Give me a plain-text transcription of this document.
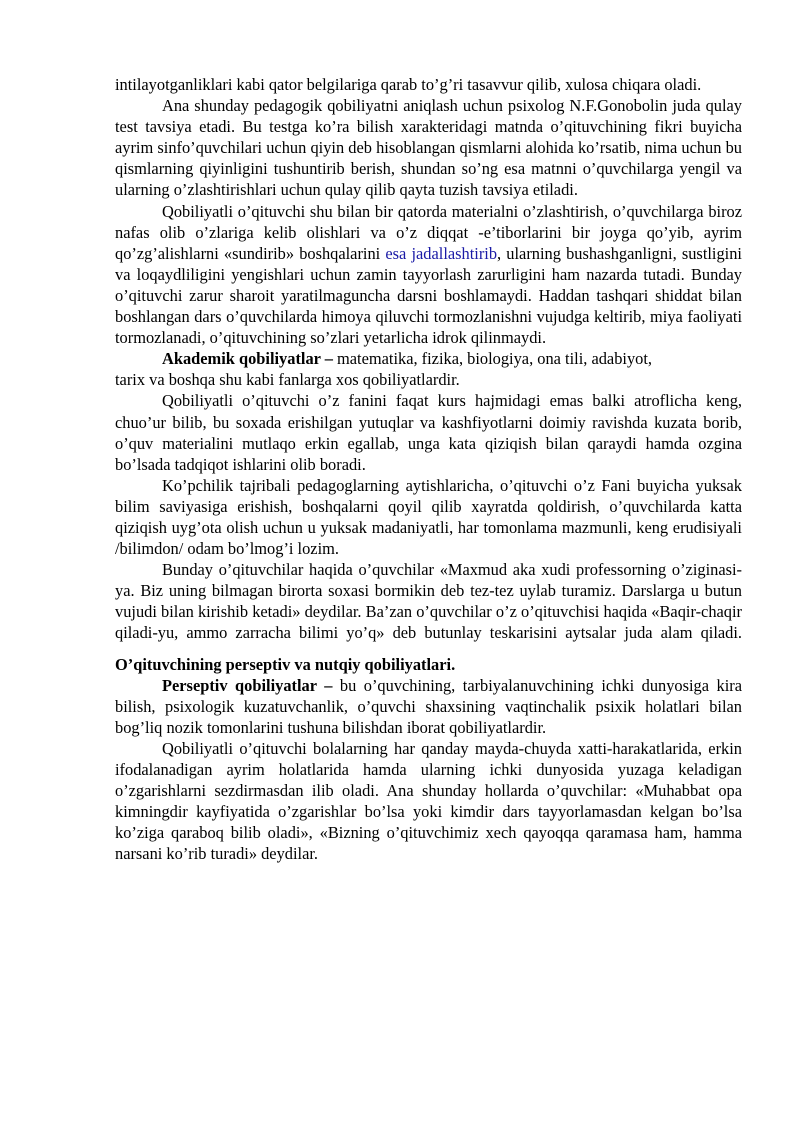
intilayotganliklari kabi qator belgilariga qarab to’g’ri tasavvur qilib, xulosa chiqara oladi.

Ana shunday pedagogik qobiliyatni aniqlash uchun psixolog N.F.Gonobolin juda qulay test tavsiya etadi. Bu testga ko’ra bilish xarakteridagi matnda o’qituvchining fikri buyicha ayrim sinfo’quvchilari uchun qiyin deb hisoblangan qismlarni alohida ko’rsatib, nima uchun bu qismlarning qiyinligini tushuntirib berish, shundan so’ng esa matnni o’quvchilarga yengil va ularning o’zlashtirishlari uchun qulay qilib qayta tuzish tavsiya etiladi.

Qobiliyatli o’qituvchi shu bilan bir qatorda materialni o’zlashtirish, o’quvchilarga biroz nafas olib o’zlariga kelib olishlari va o’z diqqat -e’tiborlarini bir joyga qo’yib, ayrim qo’zg’alishlarni «sundirib» boshqalarini esa jadallashtirib, ularning bushashganligni, sustligini va loqaydliligini yengishlari uchun zamin tayyorlash zarurligini ham nazarda tutadi. Bunday o’qituvchi zarur sharoit yaratilmaguncha darsni boshlamaydi. Haddan tashqari shiddat bilan boshlangan dars o’quvchilarda himoya qiluvchi tormozlanishni vujudga keltirib, miya faoliyati tormozlanadi, o’qituvchining so’zlari yetarlicha idrok qilinmaydi.

Akademik qobiliyatlar – matematika, fizika, biologiya, ona tili, adabiyot,

tarix va boshqa shu kabi fanlarga xos qobiliyatlardir.

Qobiliyatli o’qituvchi o’z fanini faqat kurs hajmidagi emas balki atroflicha keng, chuo’ur bilib, bu soxada erishilgan yutuqlar va kashfiyotlarni doimiy ravishda kuzata borib, o’quv materialini mutlaqo erkin egallab, unga kata qiziqish bilan qaraydi hamda ozgina bo’lsada tadqiqot ishlarini olib boradi.

Ko’pchilik tajribali pedagoglarning aytishlaricha, o’qituvchi o’z Fani buyicha yuksak bilim saviyasiga erishish, boshqalarni qoyil qilib xayratda qoldirish, o’quvchilarda katta qiziqish uyg’ota olish uchun u yuksak madaniyatli, har tomonlama mazmunli, keng erudisiyali /bilimdon/ odam bo’lmog’i lozim.

Bunday o’qituvchilar haqida o’quvchilar «Maxmud aka xudi professorning o’ziginasi-ya. Biz uning bilmagan birorta soxasi bormikin deb tez-tez uylab turamiz. Darslarga u butun vujudi bilan kirishib ketadi» deydilar. Ba’zan o’quvchilar o’z o’qituvchisi haqida «Baqir-chaqir qiladi-yu, ammo zarracha bilimi yo’q» deb butunlay teskarisini aytsalar juda alam qiladi.

O’qituvchining perseptiv va nutqiy qobiliyatlari.

Perseptiv qobiliyatlar – bu o’quvchining, tarbiyalanuvchining ichki dunyosiga kira bilish, psixologik kuzatuvchanlik, o’quvchi shaxsining vaqtinchalik psixik holatlari bilan bog’liq nozik tomonlarini tushuna bilishdan iborat qobiliyatlardir.

Qobiliyatli o’qituvchi bolalarning har qanday mayda-chuyda xatti-harakatlarida, erkin ifodalanadigan ayrim holatlarida hamda ularning ichki dunyosida yuzaga keladigan o’zgarishlarni sezdirmasdan ilib oladi. Ana shunday hollarda o’quvchilar: «Muhabbat opa kimningdir kayfiyatida o’zgarishlar bo’lsa yoki kimdir dars tayyorlamasdan kelgan bo’lsa ko’ziga qaraboq bilib oladi», «Bizning o’qituvchimiz xech qayoqqa qaramasa ham, hamma narsani ko’rib turadi» deydilar.
